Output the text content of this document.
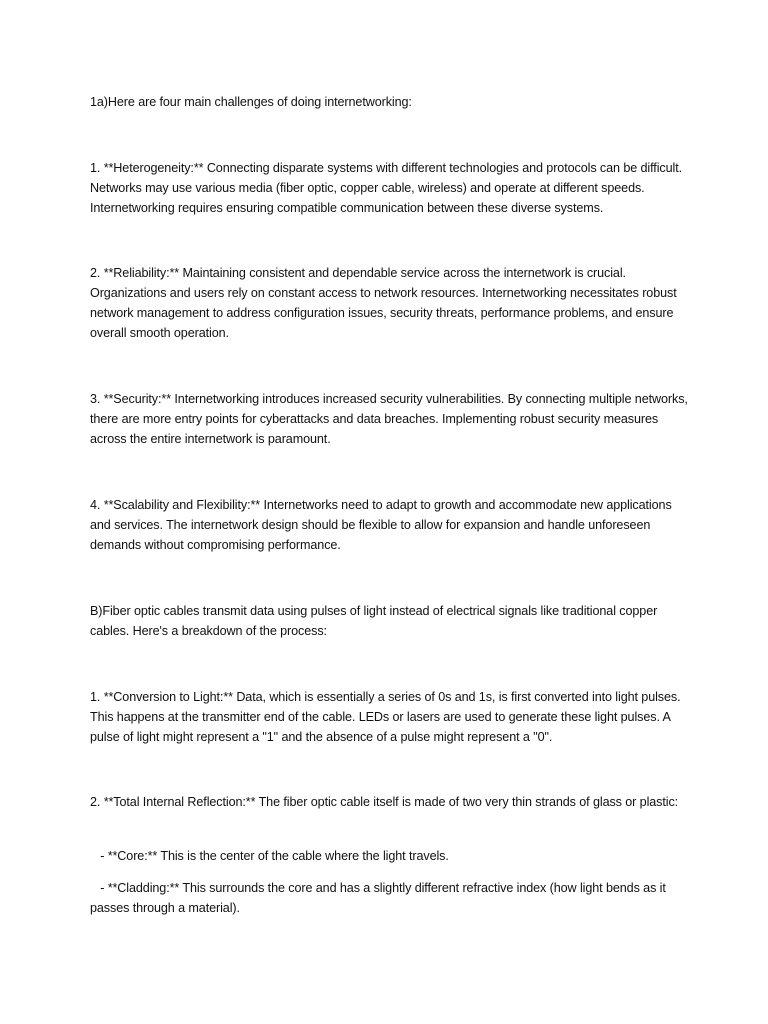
1a)Here are four main challenges of doing internetworking:

1. **Heterogeneity:** Connecting disparate systems with different technologies and protocols can be difficult. Networks may use various media (fiber optic, copper cable, wireless) and operate at different speeds. Internetworking requires ensuring compatible communication between these diverse systems.

2. **Reliability:** Maintaining consistent and dependable service across the internetwork is crucial. Organizations and users rely on constant access to network resources. Internetworking necessitates robust network management to address configuration issues, security threats, performance problems, and ensure overall smooth operation.

3. **Security:** Internetworking introduces increased security vulnerabilities. By connecting multiple networks, there are more entry points for cyberattacks and data breaches. Implementing robust security measures across the entire internetwork is paramount.

4. **Scalability and Flexibility:** Internetworks need to adapt to growth and accommodate new applications and services. The internetwork design should be flexible to allow for expansion and handle unforeseen demands without compromising performance.

B)Fiber optic cables transmit data using pulses of light instead of electrical signals like traditional copper cables. Here's a breakdown of the process:

1. **Conversion to Light:** Data, which is essentially a series of 0s and 1s, is first converted into light pulses. This happens at the transmitter end of the cable. LEDs or lasers are used to generate these light pulses. A pulse of light might represent a "1" and the absence of a pulse might represent a "0".

2. **Total Internal Reflection:** The fiber optic cable itself is made of two very thin strands of glass or plastic:

- **Core:** This is the center of the cable where the light travels.

- **Cladding:** This surrounds the core and has a slightly different refractive index (how light bends as it passes through a material).
